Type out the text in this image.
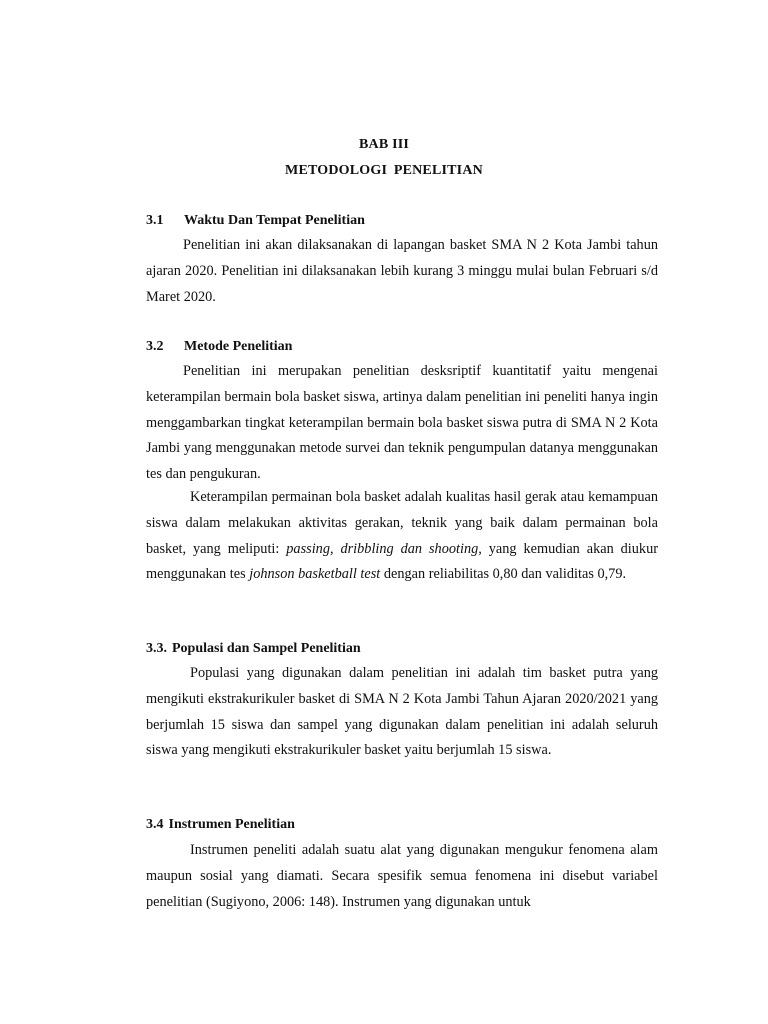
BAB III
METODOLOGI PENELITIAN
3.1 Waktu Dan Tempat Penelitian
Penelitian ini akan dilaksanakan di lapangan basket SMA N 2 Kota Jambi tahun ajaran 2020. Penelitian ini dilaksanakan lebih kurang 3 minggu mulai bulan Februari s/d Maret 2020.
3.2 Metode Penelitian
Penelitian ini merupakan penelitian desksriptif kuantitatif yaitu mengenai keterampilan bermain bola basket siswa, artinya dalam penelitian ini peneliti hanya ingin menggambarkan tingkat keterampilan bermain bola basket siswa putra di SMA N 2 Kota Jambi yang menggunakan metode survei dan teknik pengumpulan datanya menggunakan tes dan pengukuran.
Keterampilan permainan bola basket adalah kualitas hasil gerak atau kemampuan siswa dalam melakukan aktivitas gerakan, teknik yang baik dalam permainan bola basket, yang meliputi: passing, dribbling dan shooting, yang kemudian akan diukur menggunakan tes johnson basketball test dengan reliabilitas 0,80 dan validitas 0,79.
3.3. Populasi dan Sampel Penelitian
Populasi yang digunakan dalam penelitian ini adalah tim basket putra yang mengikuti ekstrakurikuler basket di SMA N 2 Kota Jambi Tahun Ajaran 2020/2021 yang berjumlah 15 siswa dan sampel yang digunakan dalam penelitian ini adalah seluruh siswa yang mengikuti ekstrakurikuler basket yaitu berjumlah 15 siswa.
3.4 Instrumen Penelitian
Instrumen peneliti adalah suatu alat yang digunakan mengukur fenomena alam maupun sosial yang diamati. Secara spesifik semua fenomena ini disebut variabel penelitian (Sugiyono, 2006: 148). Instrumen yang digunakan untuk
